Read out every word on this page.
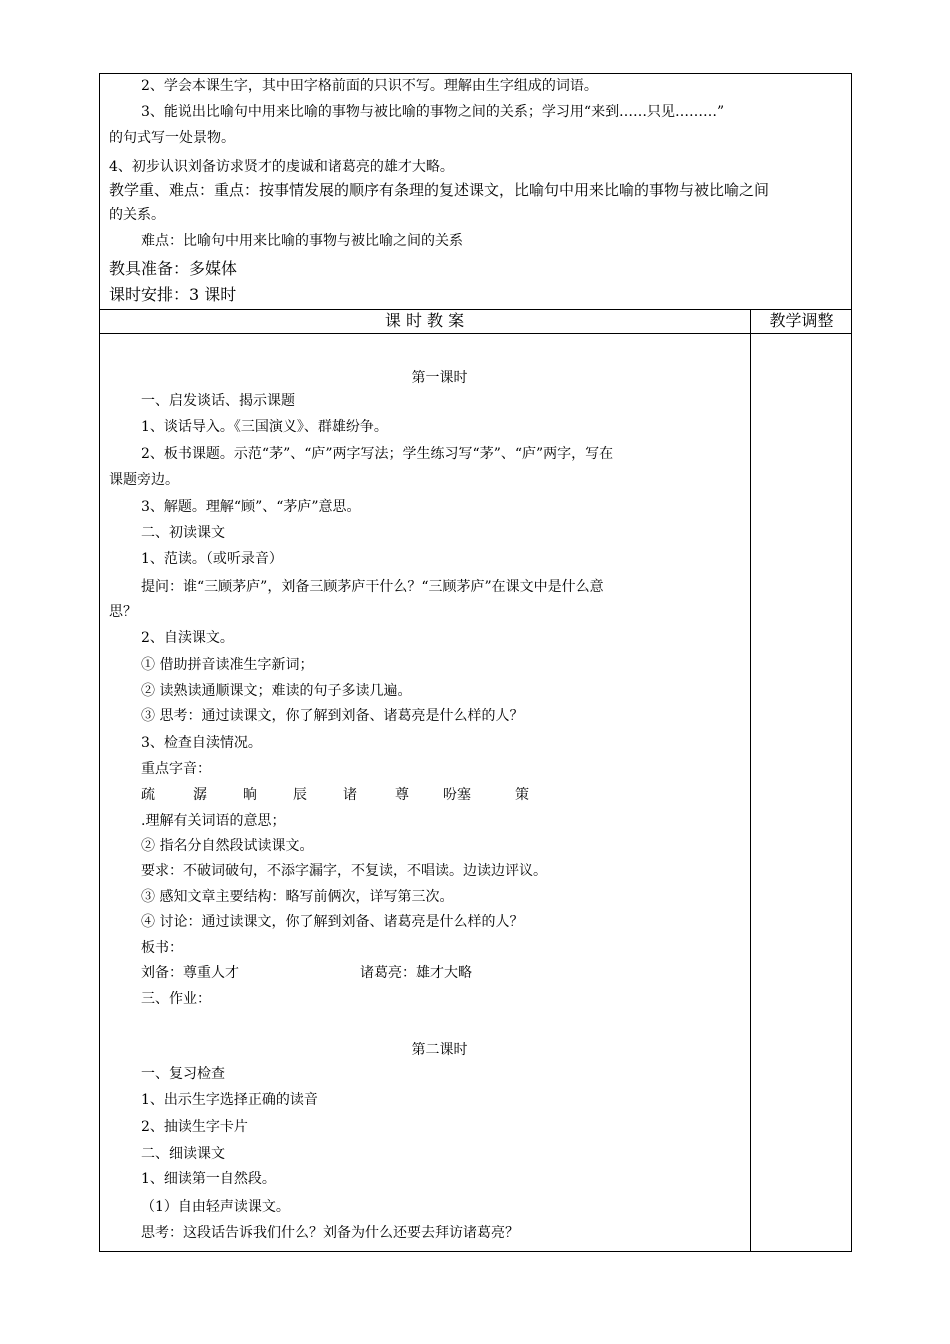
2、学会本课生字，其中田字格前面的只识不写。理解由生字组成的词语。
3、能说出比喻句中用来比喻的事物与被比喻的事物之间的关系；学习用“来到……只见………”
的句式写一处景物。
4、初步认识刘备访求贤才的虔诚和诸葛亮的雄才大略。
教学重、难点：重点：按事情发展的顺序有条理的复述课文，比喻句中用来比喻的事物与被比喻之间
的关系。
难点：比喻句中用来比喻的事物与被比喻之间的关系
教具准备：多媒体
课时安排：3 课时
课 时 教 案	教学调整
第一课时
一、启发谈话、揭示课题
1、谈话导入。《三国演义》、群雄纷争。
2、板书课题。示范“茅”、“庐”两字写法；学生练习写“茅”、“庐”两字，写在
课题旁边。
3、解题。理解“顾”、“茅庐”意思。
二、初读课文
1、范读。（或听录音）
提问：谁“三顾茅庐”，刘备三顾茅庐干什么？“三顾茅庐”在课文中是什么意
思？
2、自渎课文。
① 借助拼音读准生字新词；
② 读熟读通顺课文；难读的句子多读几遍。
③ 思考：通过读课文，你了解到刘备、诸葛亮是什么样的人？
3、检查自渎情况。
重点字音：
疏	潺	晌	辰	诸	尊 吩塞	策
.理解有关词语的意思；
② 指名分自然段试读课文。
要求：不破词破句，不添字漏字，不复读，不唱读。边读边评议。
③ 感知文章主要结构：略写前俩次，详写第三次。
④ 讨论：通过读课文，你了解到刘备、诸葛亮是什么样的人？
板书：
刘备：尊重人才	诸葛亮：雄才大略
三、作业：
第二课时
一、复习检查
1、出示生字选择正确的读音
2、抽读生字卡片
二、细读课文
1、细读第一自然段。
（1）自由轻声读课文。
思考：这段话告诉我们什么？刘备为什么还要去拜访诸葛亮？
